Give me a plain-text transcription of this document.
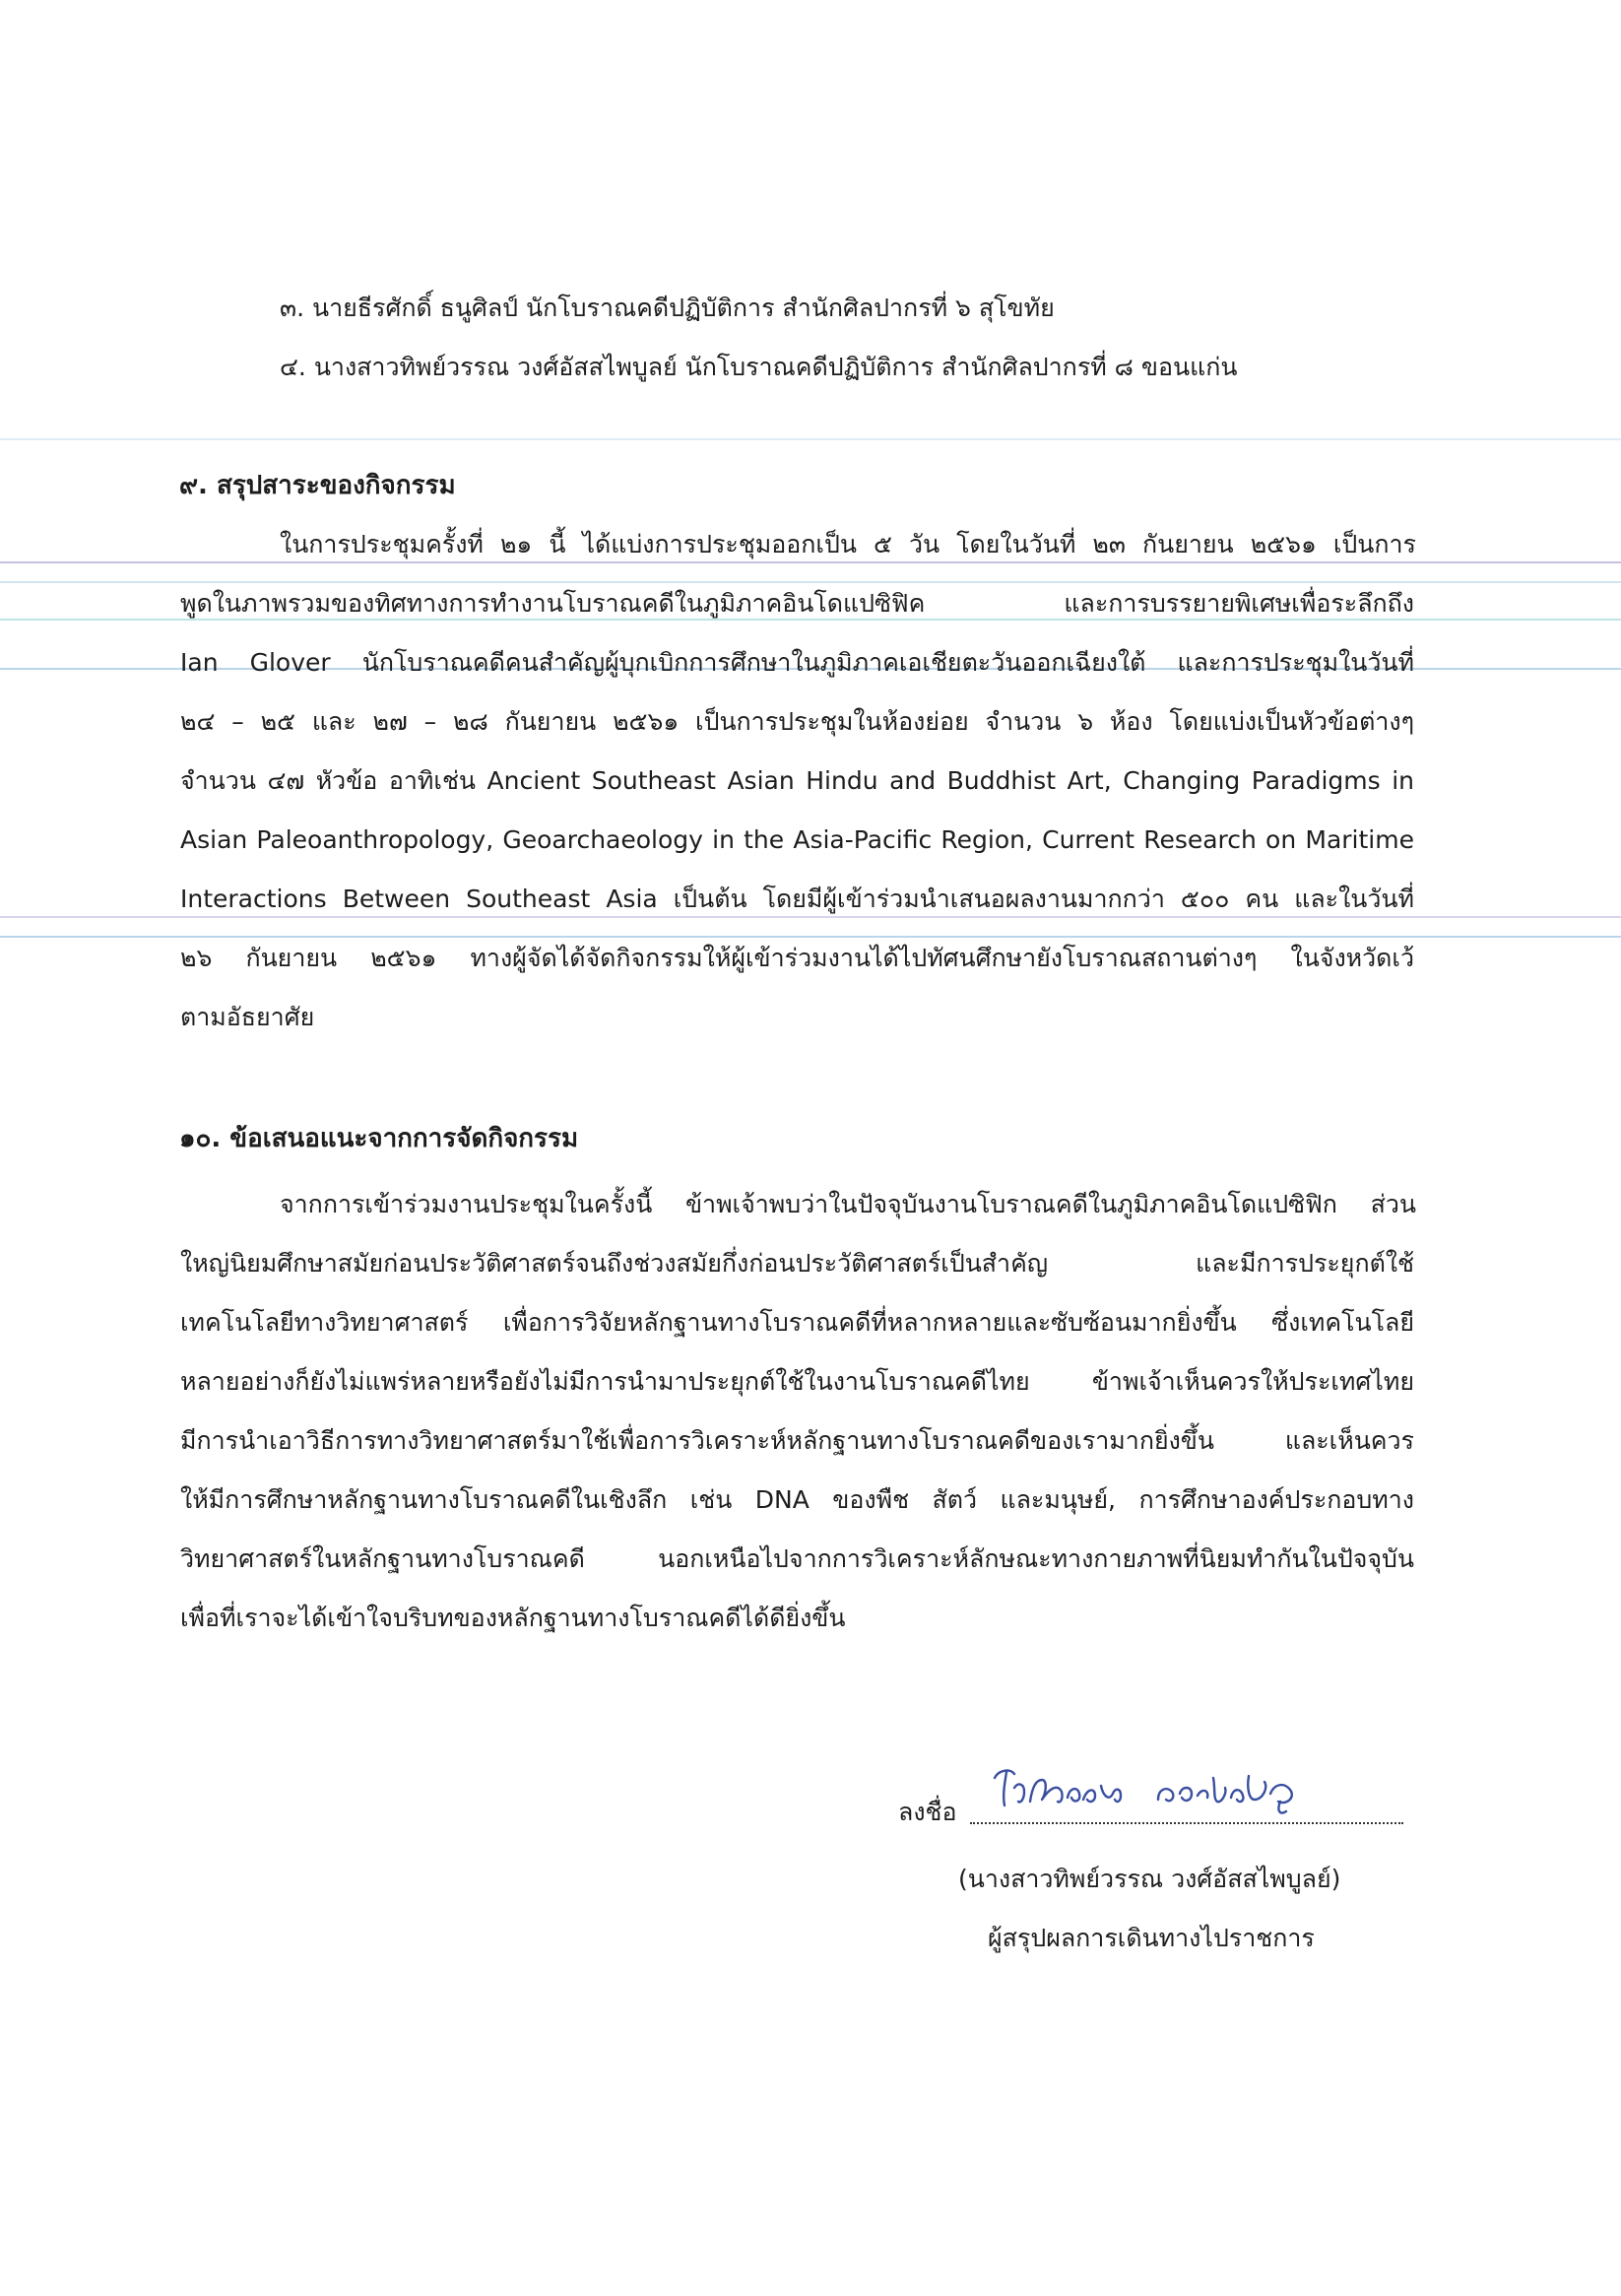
๓. นายธีรศักดิ์ ธนูศิลป์ นักโบราณคดีปฏิบัติการ สำนักศิลปากรที่ ๖ สุโขทัย

๔. นางสาวทิพย์วรรณ วงศ์อัสสไพบูลย์ นักโบราณคดีปฏิบัติการ สำนักศิลปากรที่ ๘ ขอนแก่น

๙. สรุปสาระของกิจกรรม

ในการประชุมครั้งที่ ๒๑ นี้ ได้แบ่งการประชุมออกเป็น ๕ วัน โดยในวันที่ ๒๓ กันยายน ๒๕๖๑ เป็นการ

พูดในภาพรวมของทิศทางการทำงานโบราณคดีในภูมิภาคอินโดแปซิฟิค และการบรรยายพิเศษเพื่อระลึกถึง

Ian Glover นักโบราณคดีคนสำคัญผู้บุกเบิกการศึกษาในภูมิภาคเอเชียตะวันออกเฉียงใต้ และการประชุมในวันที่

๒๔ – ๒๕ และ ๒๗ – ๒๘ กันยายน ๒๕๖๑ เป็นการประชุมในห้องย่อย จำนวน ๖ ห้อง โดยแบ่งเป็นหัวข้อต่างๆ

จำนวน ๔๗ หัวข้อ อาทิเช่น Ancient Southeast Asian Hindu and Buddhist Art, Changing Paradigms in

Asian Paleoanthropology, Geoarchaeology in the Asia-Pacific Region, Current Research on Maritime

Interactions Between Southeast Asia เป็นต้น โดยมีผู้เข้าร่วมนำเสนอผลงานมากกว่า ๕๐๐ คน และในวันที่

๒๖ กันยายน ๒๕๖๑ ทางผู้จัดได้จัดกิจกรรมให้ผู้เข้าร่วมงานได้ไปทัศนศึกษายังโบราณสถานต่างๆ ในจังหวัดเว้

ตามอัธยาศัย

๑๐. ข้อเสนอแนะจากการจัดกิจกรรม

จากการเข้าร่วมงานประชุมในครั้งนี้ ข้าพเจ้าพบว่าในปัจจุบันงานโบราณคดีในภูมิภาคอินโดแปซิฟิก ส่วน

ใหญ่นิยมศึกษาสมัยก่อนประวัติศาสตร์จนถึงช่วงสมัยกึ่งก่อนประวัติศาสตร์เป็นสำคัญ และมีการประยุกต์ใช้

เทคโนโลยีทางวิทยาศาสตร์ เพื่อการวิจัยหลักฐานทางโบราณคดีที่หลากหลายและซับซ้อนมากยิ่งขึ้น ซึ่งเทคโนโลยี

หลายอย่างก็ยังไม่แพร่หลายหรือยังไม่มีการนำมาประยุกต์ใช้ในงานโบราณคดีไทย ข้าพเจ้าเห็นควรให้ประเทศไทย

มีการนำเอาวิธีการทางวิทยาศาสตร์มาใช้เพื่อการวิเคราะห์หลักฐานทางโบราณคดีของเรามากยิ่งขึ้น และเห็นควร

ให้มีการศึกษาหลักฐานทางโบราณคดีในเชิงลึก เช่น DNA ของพืช สัตว์ และมนุษย์, การศึกษาองค์ประกอบทาง

วิทยาศาสตร์ในหลักฐานทางโบราณคดี นอกเหนือไปจากการวิเคราะห์ลักษณะทางกายภาพที่นิยมทำกันในปัจจุบัน

เพื่อที่เราจะได้เข้าใจบริบทของหลักฐานทางโบราณคดีได้ดียิ่งขึ้น

ลงชื่อ
(นางสาวทิพย์วรรณ วงศ์อัสสไพบูลย์)
ผู้สรุปผลการเดินทางไปราชการ
